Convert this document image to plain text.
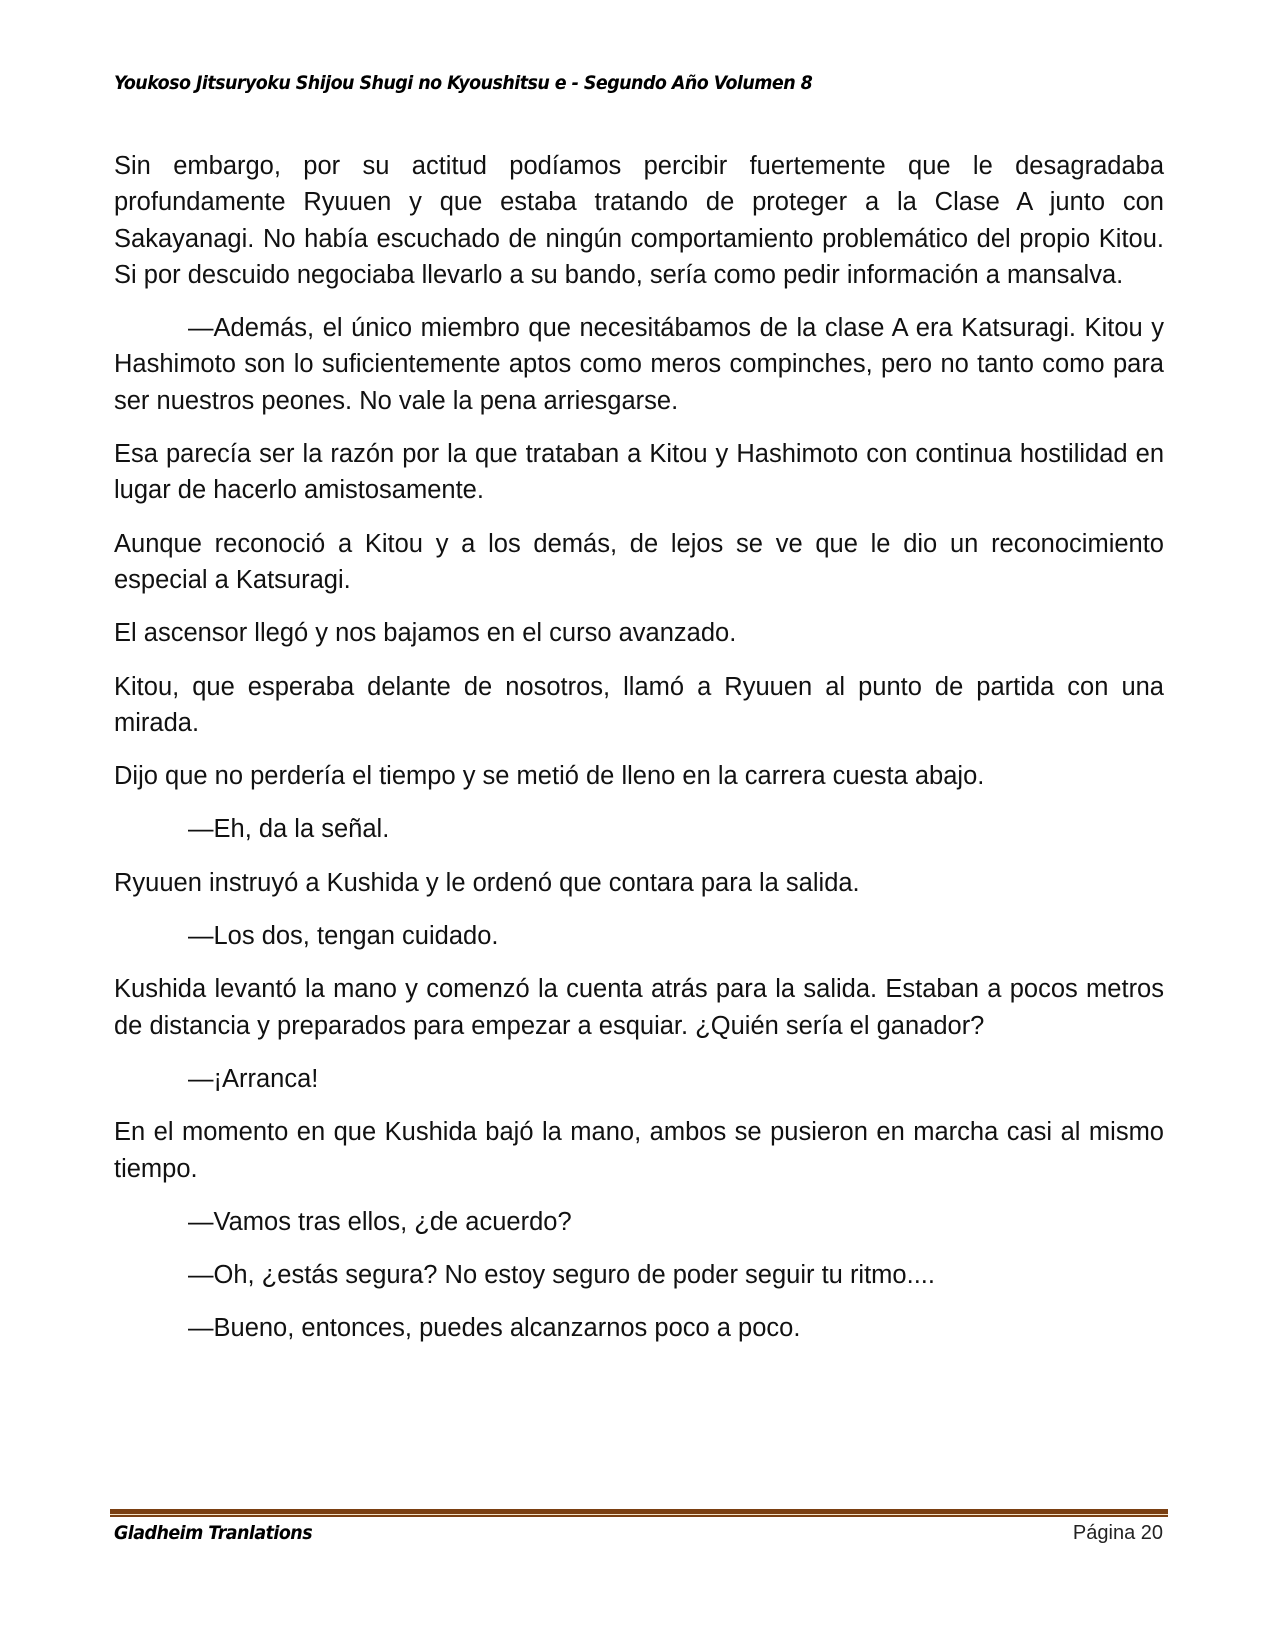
Youkoso Jitsuryoku Shijou Shugi no Kyoushitsu e - Segundo Año Volumen 8

Sin embargo, por su actitud podíamos percibir fuertemente que le desagradaba profundamente Ryuuen y que estaba tratando de proteger a la Clase A junto con Sakayanagi. No había escuchado de ningún comportamiento problemático del propio Kitou. Si por descuido negociaba llevarlo a su bando, sería como pedir información a mansalva.

—Además, el único miembro que necesitábamos de la clase A era Katsuragi. Kitou y Hashimoto son lo suficientemente aptos como meros compinches, pero no tanto como para ser nuestros peones. No vale la pena arriesgarse.

Esa parecía ser la razón por la que trataban a Kitou y Hashimoto con continua hostilidad en lugar de hacerlo amistosamente.

Aunque reconoció a Kitou y a los demás, de lejos se ve que le dio un reconocimiento especial a Katsuragi.

El ascensor llegó y nos bajamos en el curso avanzado.

Kitou, que esperaba delante de nosotros, llamó a Ryuuen al punto de partida con una mirada.

Dijo que no perdería el tiempo y se metió de lleno en la carrera cuesta abajo.

—Eh, da la señal.

Ryuuen instruyó a Kushida y le ordenó que contara para la salida.

—Los dos, tengan cuidado.

Kushida levantó la mano y comenzó la cuenta atrás para la salida. Estaban a pocos metros de distancia y preparados para empezar a esquiar. ¿Quién sería el ganador?

—¡Arranca!

En el momento en que Kushida bajó la mano, ambos se pusieron en marcha casi al mismo tiempo.

—Vamos tras ellos, ¿de acuerdo?

—Oh, ¿estás segura? No estoy seguro de poder seguir tu ritmo....

—Bueno, entonces, puedes alcanzarnos poco a poco.

Gladheim Tranlations	Página 20
